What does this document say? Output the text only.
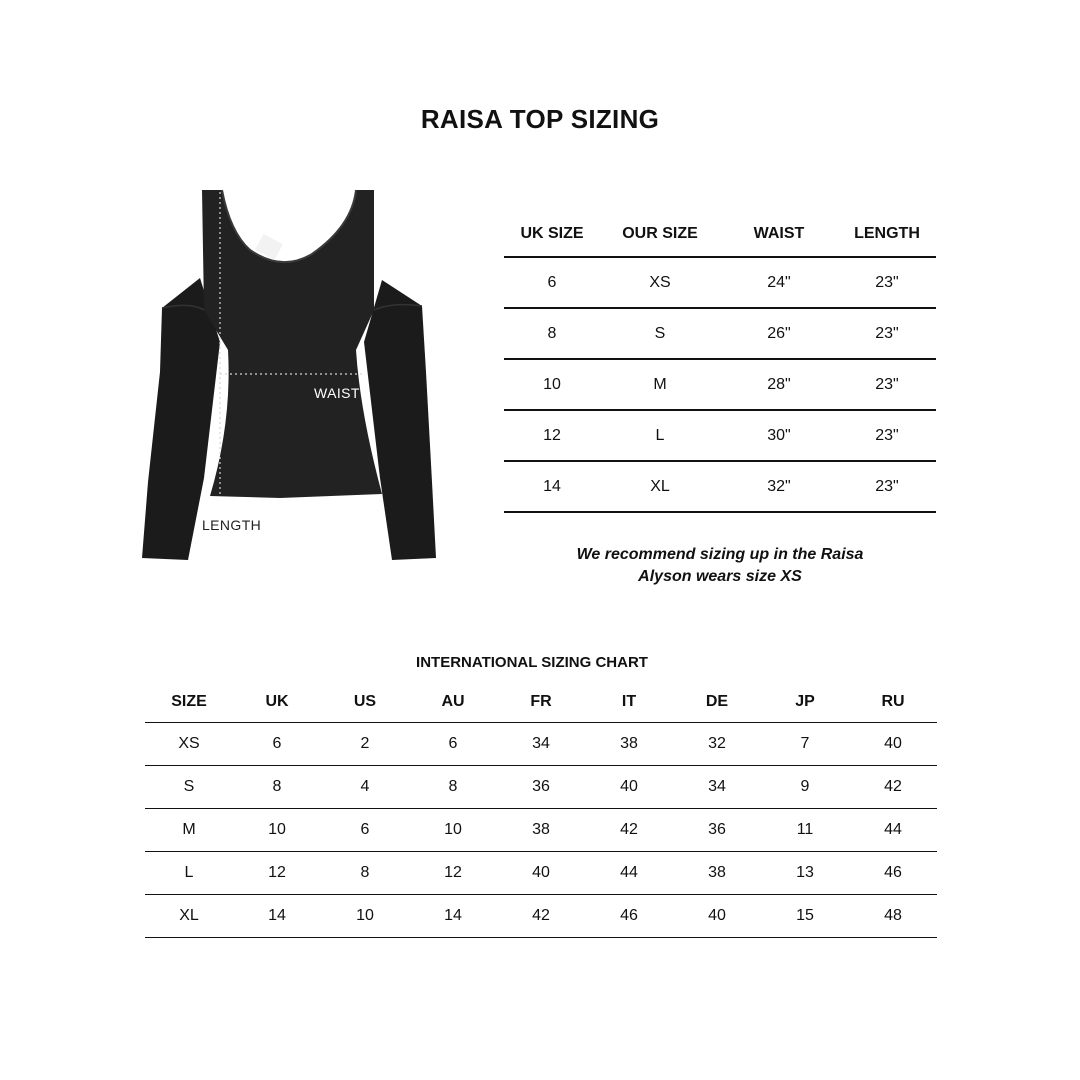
RAISA TOP SIZING
WAIST
LENGTH
UK SIZE	OUR SIZE	WAIST	LENGTH
6	XS	24"	23"
8	S	26"	23"
10	M	28"	23"
12	L	30"	23"
14	XL	32"	23"
We recommend sizing up in the Raisa
Alyson wears size XS
INTERNATIONAL SIZING CHART
SIZE	UK	US	AU	FR	IT	DE	JP	RU
XS	6	2	6	34	38	32	7	40
S	8	4	8	36	40	34	9	42
M	10	6	10	38	42	36	11	44
L	12	8	12	40	44	38	13	46
XL	14	10	14	42	46	40	15	48
